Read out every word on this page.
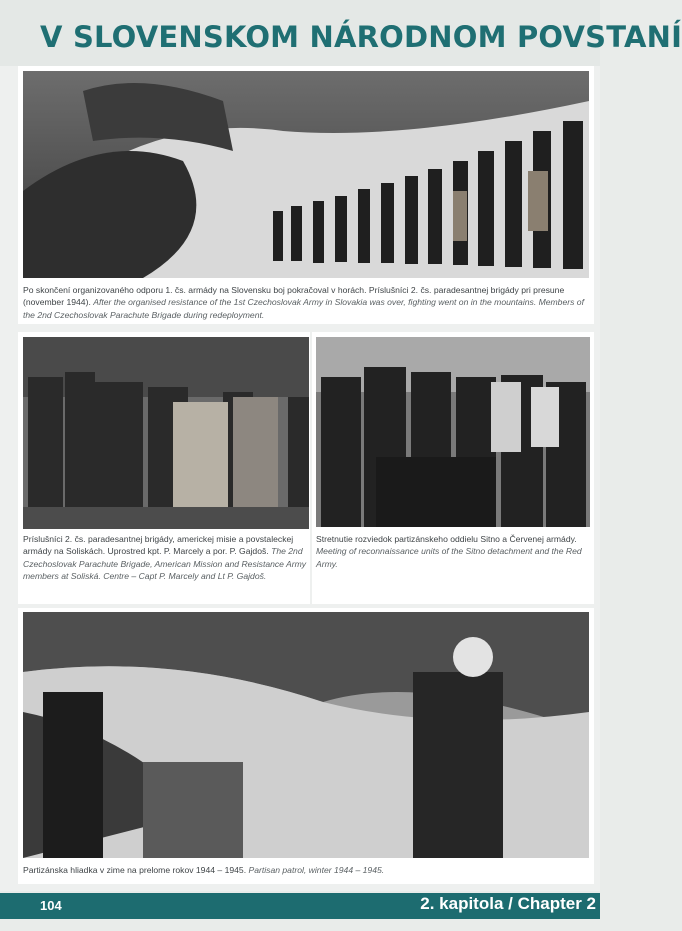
V SLOVENSKOM NÁRODNOM POVSTANÍ
Po skončení organizovaného odporu 1. čs. armády na Slovensku boj pokračoval v horách. Príslušníci 2. čs. paradesantnej brigády pri presune (november 1944). After the organised resistance of the 1st Czechoslovak Army in Slovakia was over, fighting went on in the mountains. Members of the 2nd Czechoslovak Parachute Brigade during redeployment.
Príslušníci 2. čs. paradesantnej brigády, americkej misie a povstaleckej armády na Soliskách. Uprostred kpt. P. Marcely a por. P. Gajdoš. The 2nd Czechoslovak Parachute Brigade, American Mission and Resistance Army members at Soliská. Centre – Capt P. Marcely and Lt P. Gajdoš.
Stretnutie rozviedok partizánskeho oddielu Sitno a Červenej armády. Meeting of reconnaissance units of the Sitno detachment and the Red Army.
Partizánska hliadka v zime na prelome rokov 1944 – 1945. Partisan patrol, winter 1944 – 1945.
104	2. kapitola / Chapter 2
